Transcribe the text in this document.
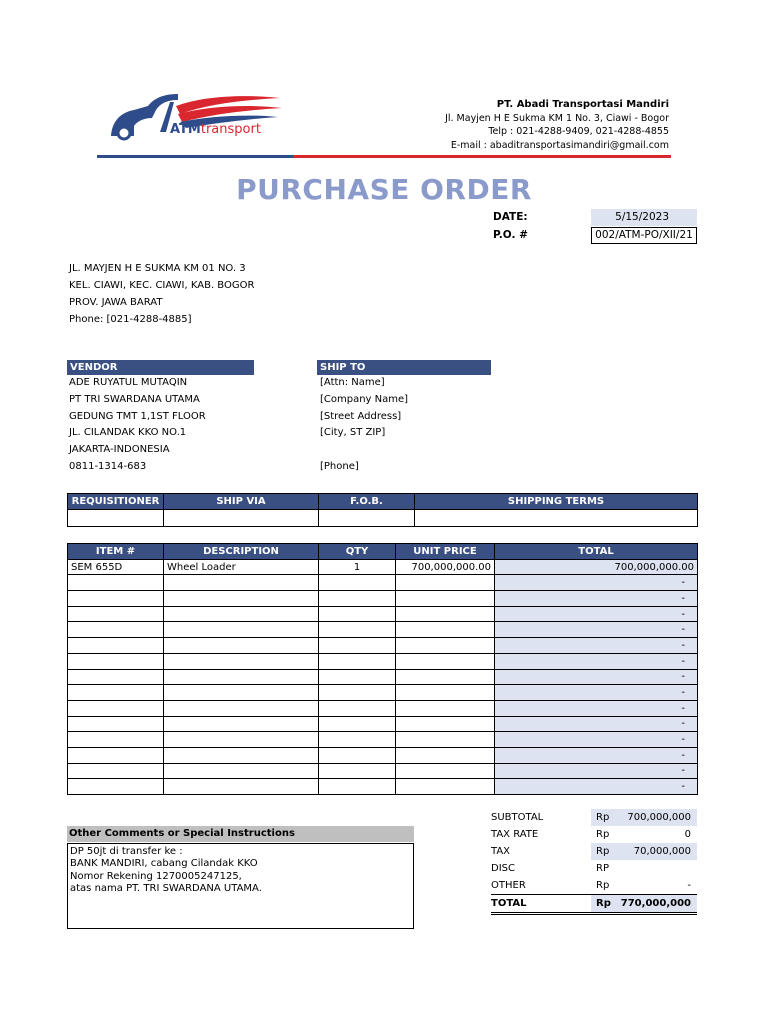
ATMtransport
PT. Abadi Transportasi Mandiri
Jl. Mayjen H E Sukma KM 1 No. 3, Ciawi - Bogor
Telp : 021-4288-9409, 021-4288-4855
E-mail : abaditransportasimandiri@gmail.com
PURCHASE ORDER
DATE:	5/15/2023
P.O. #	002/ATM-PO/XII/21
JL. MAYJEN H E SUKMA KM 01 NO. 3
KEL. CIAWI, KEC. CIAWI, KAB. BOGOR
PROV. JAWA BARAT
Phone: [021-4288-4885]
VENDOR
ADE RUYATUL MUTAQIN
PT TRI SWARDANA UTAMA
GEDUNG TMT 1,1ST FLOOR
JL. CILANDAK KKO NO.1
JAKARTA-INDONESIA
0811-1314-683
SHIP TO
[Attn: Name]
[Company Name]
[Street Address]
[City, ST ZIP]
[Phone]
REQUISITIONER	SHIP VIA	F.O.B.	SHIPPING TERMS

ITEM #	DESCRIPTION	QTY	UNIT PRICE	TOTAL
SEM 655D	Wheel Loader	1	700,000,000.00	700,000,000.00
				-
				-
				-
				-
				-
				-
				-
				-
				-
				-
				-
				-
				-
				-
SUBTOTAL	Rp	700,000,000
TAX RATE	Rp	0
TAX	Rp	70,000,000
DISC	RP
OTHER	Rp	-
TOTAL	Rp 770,000,000
Other Comments or Special Instructions
DP 50jt di transfer ke :
BANK MANDIRI, cabang Cilandak KKO
Nomor Rekening 1270005247125,
atas nama PT. TRI SWARDANA UTAMA.
